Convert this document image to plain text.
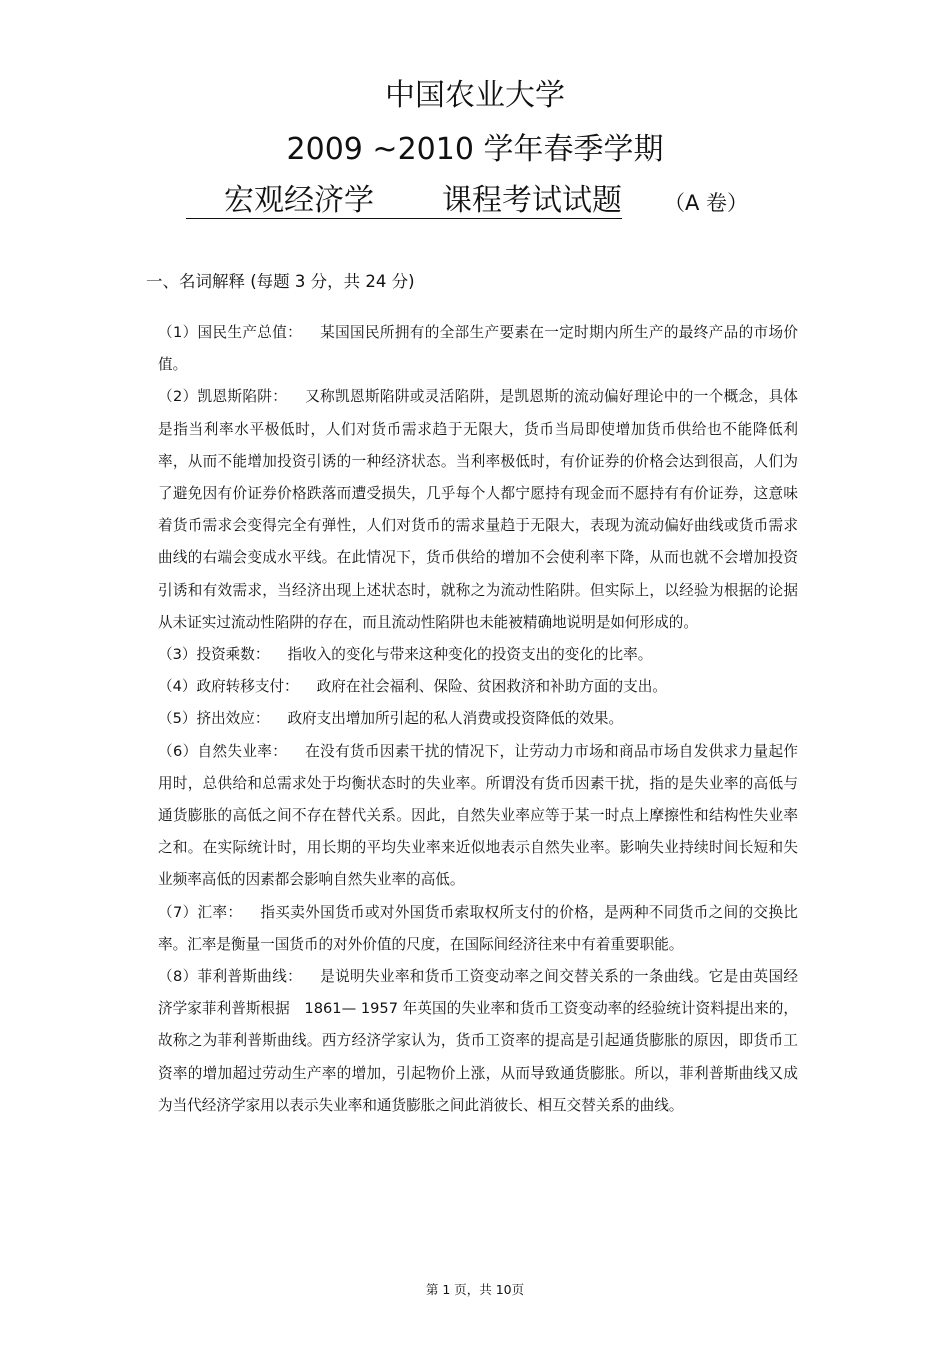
中国农业大学
2009 ~2010 学年春季学期
宏观经济学 课程考试试题 （A 卷）
一、名词解释 (每题 3 分，共 24 分)

（1）国民生产总值： 某国国民所拥有的全部生产要素在一定时期内所生产的最终产品的市场价值。

（2）凯恩斯陷阱： 又称凯恩斯陷阱或灵活陷阱，是凯恩斯的流动偏好理论中的一个概念，具体是指当利率水平极低时，人们对货币需求趋于无限大，货币当局即使增加货币供给也不能降低利率，从而不能增加投资引诱的一种经济状态。当利率极低时，有价证券的价格会达到很高，人们为了避免因有价证券价格跌落而遭受损失，几乎每个人都宁愿持有现金而不愿持有有价证券，这意味着货币需求会变得完全有弹性，人们对货币的需求量趋于无限大，表现为流动偏好曲线或货币需求曲线的右端会变成水平线。在此情况下，货币供给的增加不会使利率下降，从而也就不会增加投资引诱和有效需求，当经济出现上述状态时，就称之为流动性陷阱。但实际上，以经验为根据的论据从未证实过流动性陷阱的存在，而且流动性陷阱也未能被精确地说明是如何形成的。

（3）投资乘数： 指收入的变化与带来这种变化的投资支出的变化的比率。

（4）政府转移支付： 政府在社会福利、保险、贫困救济和补助方面的支出。

（5）挤出效应： 政府支出增加所引起的私人消费或投资降低的效果。

（6）自然失业率： 在没有货币因素干扰的情况下，让劳动力市场和商品市场自发供求力量起作用时，总供给和总需求处于均衡状态时的失业率。所谓没有货币因素干扰，指的是失业率的高低与通货膨胀的高低之间不存在替代关系。因此，自然失业率应等于某一时点上摩擦性和结构性失业率之和。在实际统计时，用长期的平均失业率来近似地表示自然失业率。影响失业持续时间长短和失业频率高低的因素都会影响自然失业率的高低。

（7）汇率： 指买卖外国货币或对外国货币索取权所支付的价格，是两种不同货币之间的交换比率。汇率是衡量一国货币的对外价值的尺度，在国际间经济往来中有着重要职能。

（8）菲利普斯曲线： 是说明失业率和货币工资变动率之间交替关系的一条曲线。它是由英国经济学家菲利普斯根据　1861— 1957 年英国的失业率和货币工资变动率的经验统计资料提出来的，故称之为菲利普斯曲线。西方经济学家认为，货币工资率的提高是引起通货膨胀的原因，即货币工资率的增加超过劳动生产率的增加，引起物价上涨，从而导致通货膨胀。所以，菲利普斯曲线又成为当代经济学家用以表示失业率和通货膨胀之间此消彼长、相互交替关系的曲线。

第 1 页，共 10页
